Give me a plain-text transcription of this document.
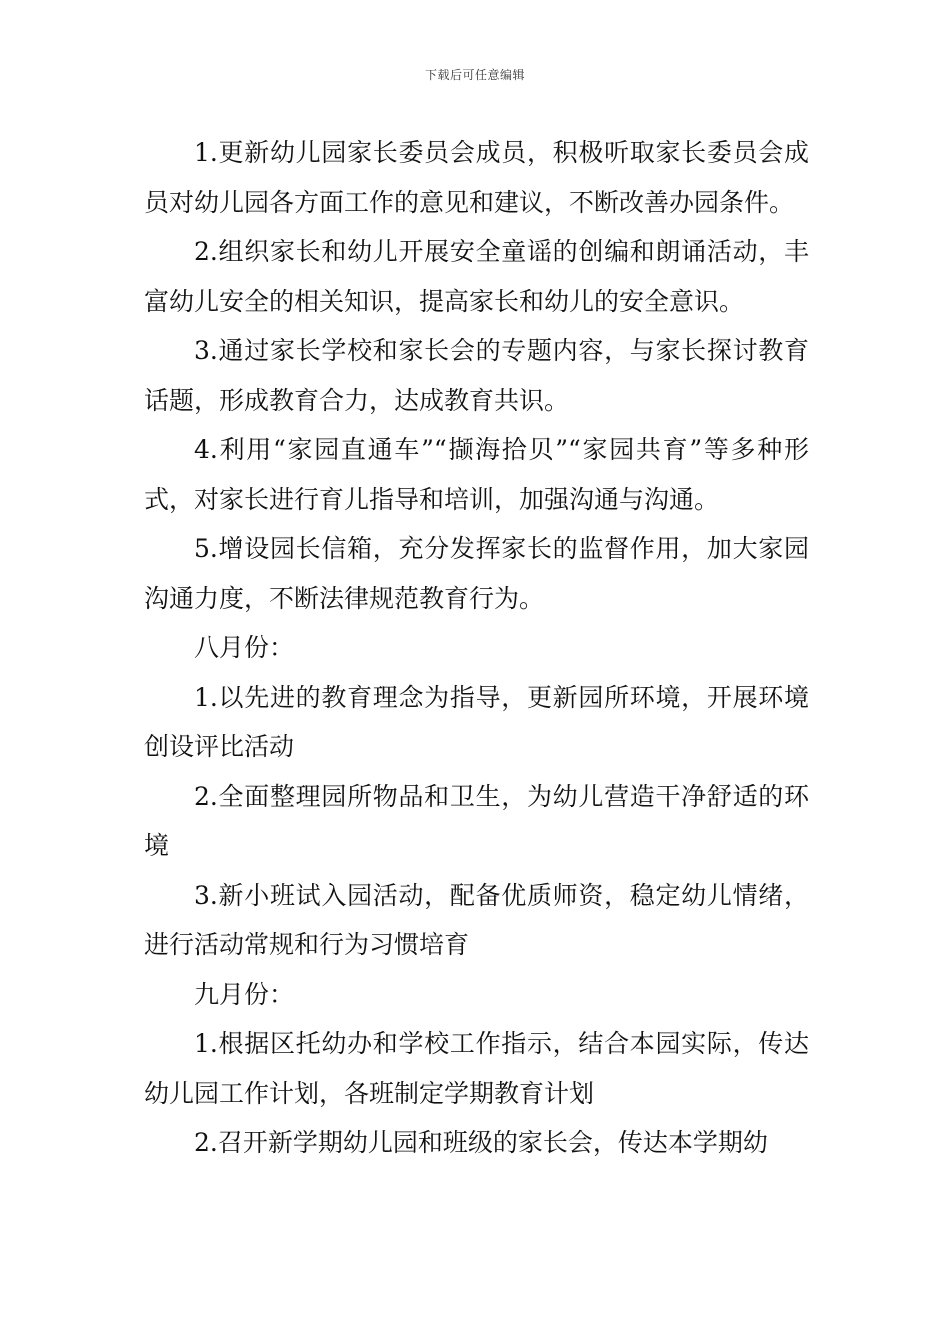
下载后可任意编辑

1.更新幼儿园家长委员会成员，积极听取家长委员会成员对幼儿园各方面工作的意见和建议，不断改善办园条件。

2.组织家长和幼儿开展安全童谣的创编和朗诵活动，丰富幼儿安全的相关知识，提高家长和幼儿的安全意识。

3.通过家长学校和家长会的专题内容，与家长探讨教育话题，形成教育合力，达成教育共识。

4.利用“家园直通车”“撷海拾贝”“家园共育”等多种形式，对家长进行育儿指导和培训，加强沟通与沟通。

5.增设园长信箱，充分发挥家长的监督作用，加大家园沟通力度，不断法律规范教育行为。

八月份：

1.以先进的教育理念为指导，更新园所环境，开展环境创设评比活动

2.全面整理园所物品和卫生，为幼儿营造干净舒适的环境

3.新小班试入园活动，配备优质师资，稳定幼儿情绪，进行活动常规和行为习惯培育

九月份：

1.根据区托幼办和学校工作指示，结合本园实际，传达幼儿园工作计划，各班制定学期教育计划

2.召开新学期幼儿园和班级的家长会，传达本学期幼
